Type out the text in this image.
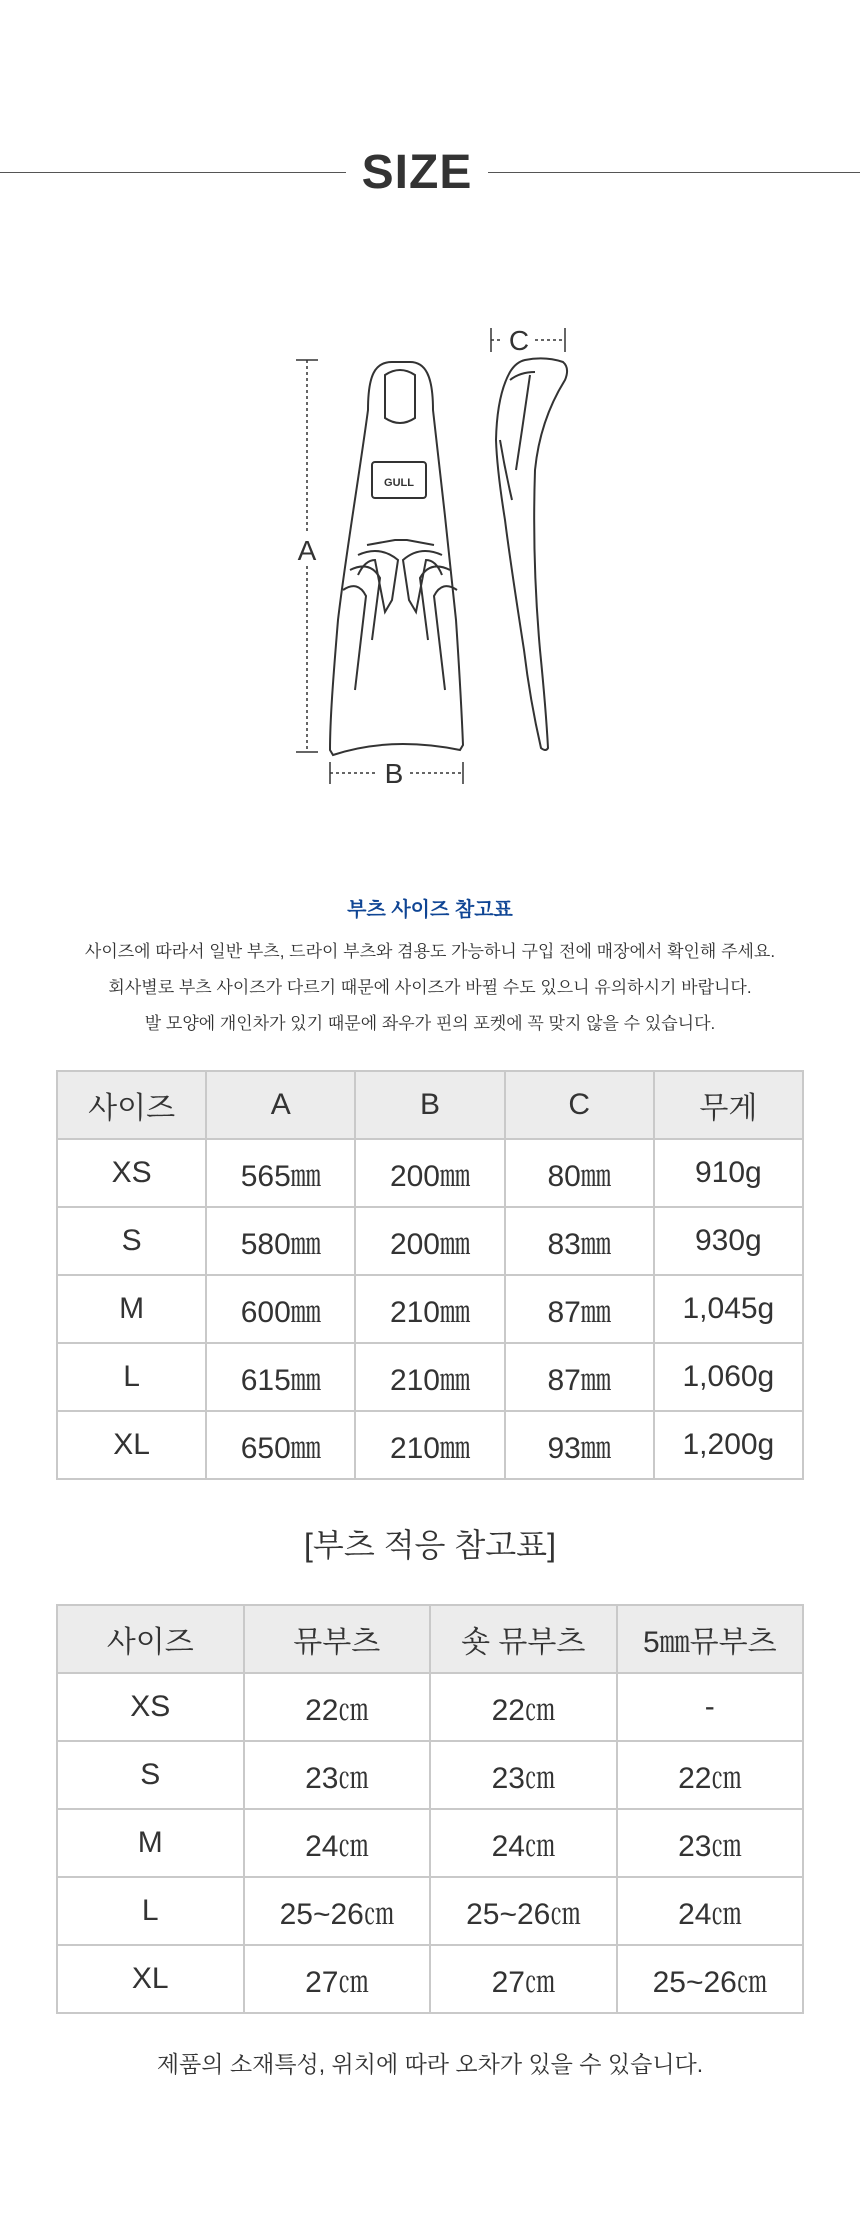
SIZE
GULL
A
B
C
부츠 사이즈 참고표
사이즈에 따라서 일반 부츠, 드라이 부츠와 겸용도 가능하니 구입 전에 매장에서 확인해 주세요.
회사별로 부츠 사이즈가 다르기 때문에 사이즈가 바뀔 수도 있으니 유의하시기 바랍니다.
발 모양에 개인차가 있기 때문에 좌우가 핀의 포켓에 꼭 맞지 않을 수 있습니다.
사이즈	A	B	C	무게
XS	565㎜	200㎜	80㎜	910g
S	580㎜	200㎜	83㎜	930g
M	600㎜	210㎜	87㎜	1,045g
L	615㎜	210㎜	87㎜	1,060g
XL	650㎜	210㎜	93㎜	1,200g
[부츠 적응 참고표]
사이즈	뮤부츠	숏 뮤부츠	5㎜뮤부츠
XS	22㎝	22㎝	-
S	23㎝	23㎝	22㎝
M	24㎝	24㎝	23㎝
L	25~26㎝	25~26㎝	24㎝
XL	27㎝	27㎝	25~26㎝
제품의 소재특성, 위치에 따라 오차가 있을 수 있습니다.
